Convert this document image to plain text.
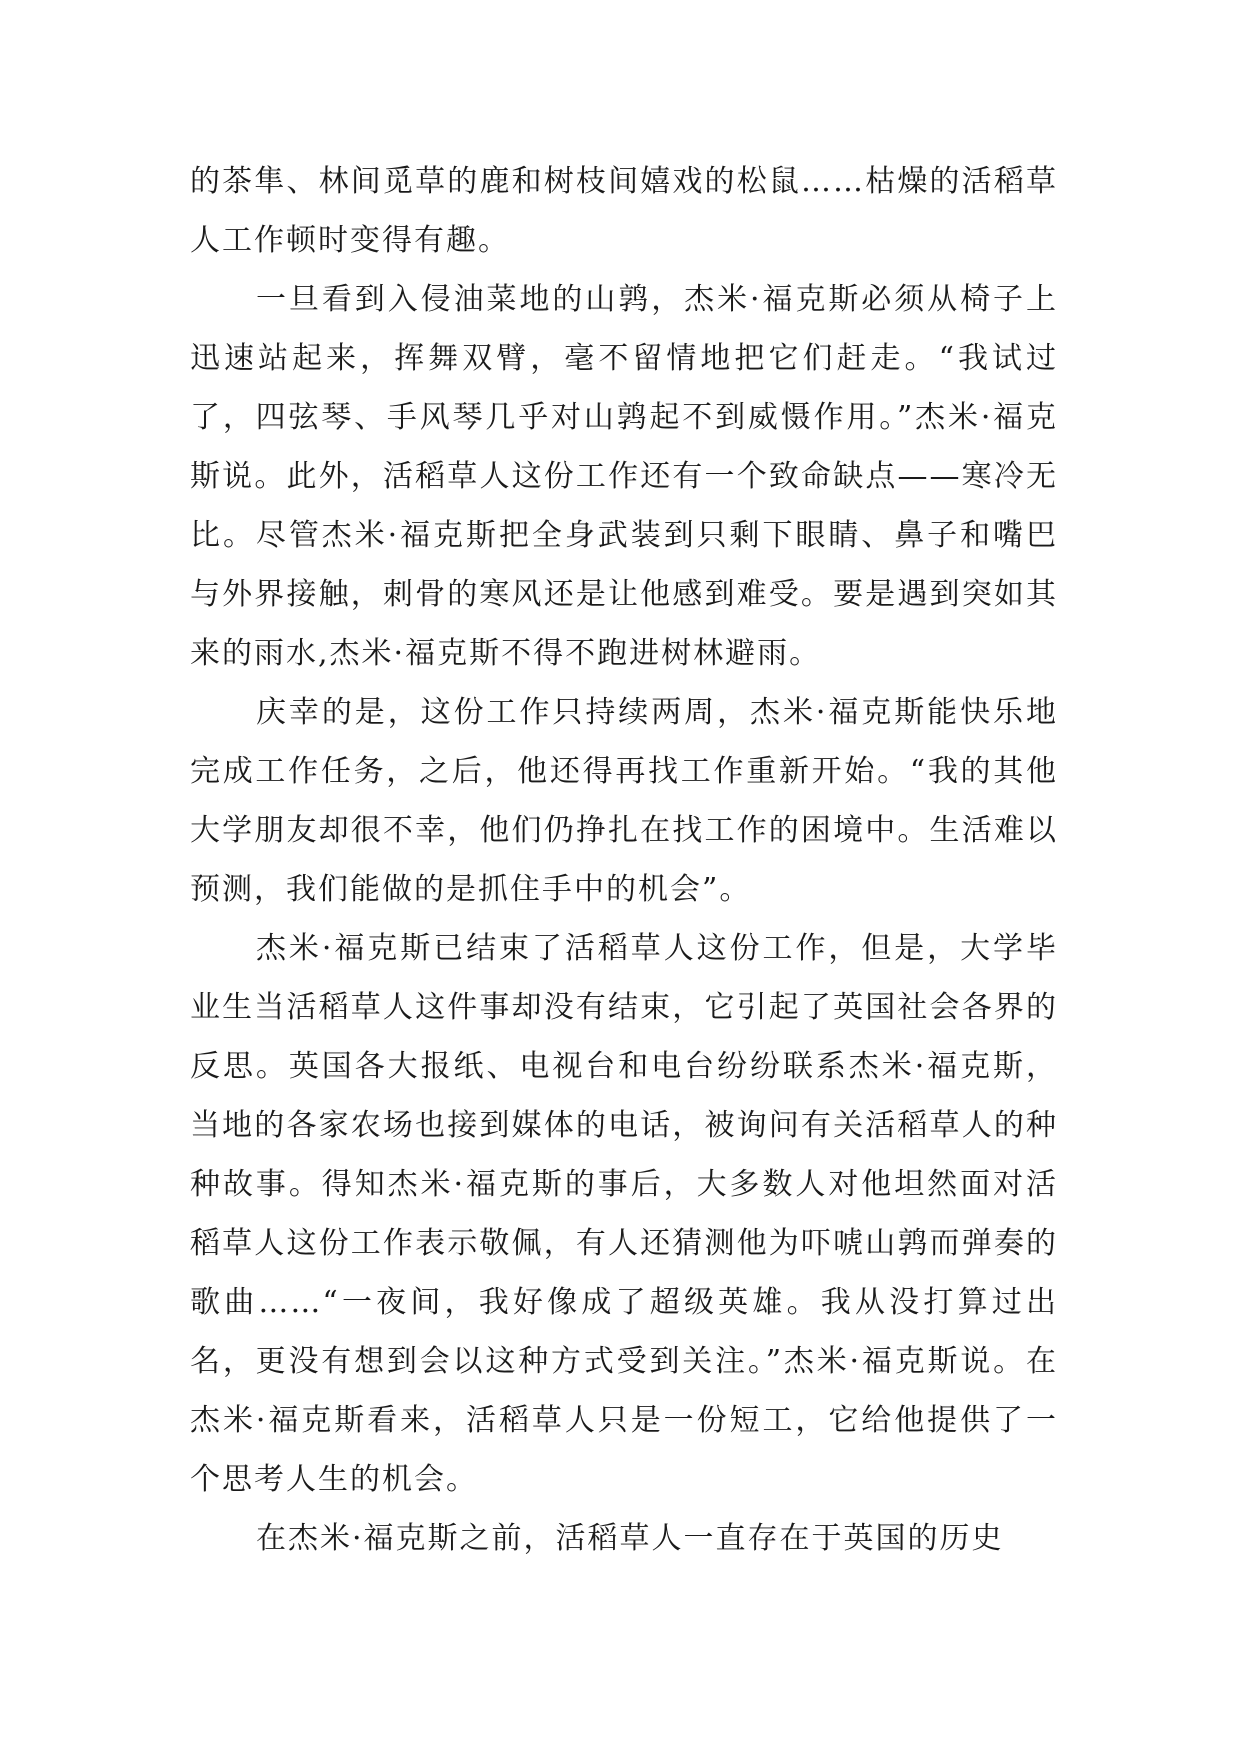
的茶隼、林间觅草的鹿和树枝间嬉戏的松鼠……枯燥的活稻草人工作顿时变得有趣。

一旦看到入侵油菜地的山鹑，杰米·福克斯必须从椅子上迅速站起来，挥舞双臂，毫不留情地把它们赶走。“我试过了，四弦琴、手风琴几乎对山鹑起不到威慑作用。”杰米·福克斯说。此外，活稻草人这份工作还有一个致命缺点——寒冷无比。尽管杰米·福克斯把全身武装到只剩下眼睛、鼻子和嘴巴与外界接触，刺骨的寒风还是让他感到难受。要是遇到突如其来的雨水,杰米·福克斯不得不跑进树林避雨。

庆幸的是，这份工作只持续两周，杰米·福克斯能快乐地完成工作任务，之后，他还得再找工作重新开始。“我的其他大学朋友却很不幸，他们仍挣扎在找工作的困境中。生活难以预测，我们能做的是抓住手中的机会”。

杰米·福克斯已结束了活稻草人这份工作，但是，大学毕业生当活稻草人这件事却没有结束，它引起了英国社会各界的反思。英国各大报纸、电视台和电台纷纷联系杰米·福克斯，当地的各家农场也接到媒体的电话，被询问有关活稻草人的种种故事。得知杰米·福克斯的事后，大多数人对他坦然面对活稻草人这份工作表示敬佩，有人还猜测他为吓唬山鹑而弹奏的歌曲……“一夜间，我好像成了超级英雄。我从没打算过出名，更没有想到会以这种方式受到关注。”杰米·福克斯说。在杰米·福克斯看来，活稻草人只是一份短工，它给他提供了一个思考人生的机会。

在杰米·福克斯之前，活稻草人一直存在于英国的历史
